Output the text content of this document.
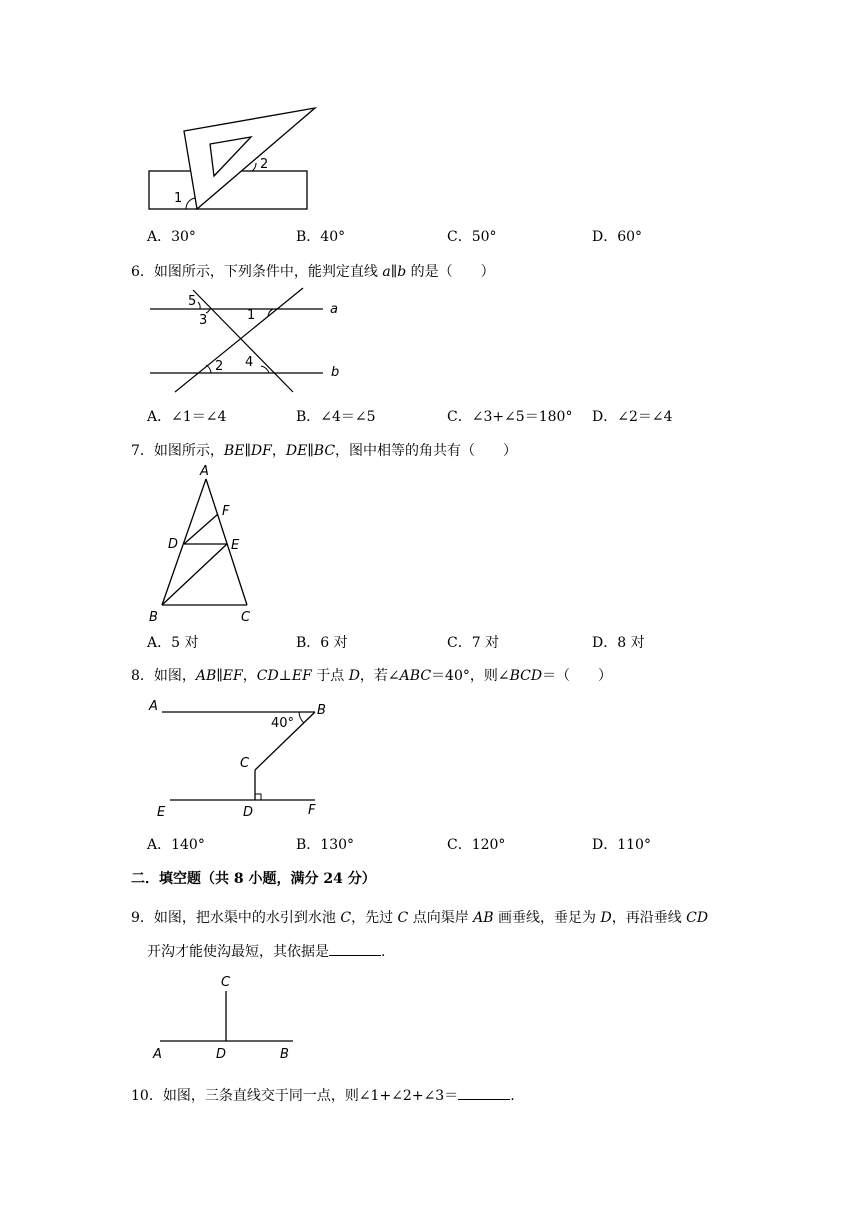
1
2
A．30°	B．40°	C．50°	D．60°
6．如图所示，下列条件中，能判定直线 a∥b 的是（　　）
5
3	1
2 4
a
b
A．∠1＝∠4	B．∠4＝∠5	C．∠3+∠5＝180° D．∠2＝∠4
7．如图所示，BE∥DF，DE∥BC，图中相等的角共有（　　）
A
F
D	E
B	C
A．5 对	B．6 对	C．7 对	D．8 对
8．如图，AB∥EF，CD⊥EF 于点 D，若∠ABC＝40°，则∠BCD＝（　　）
A	B
40°
C
E	D	F
A．140°	B．130°	C．120°	D．110°
二．填空题（共 8 小题，满分 24 分）
9．如图，把水渠中的水引到水池 C，先过 C 点向渠岸 AB 画垂线，垂足为 D，再沿垂线 CD
开沟才能使沟最短，其依据是	.
C
A	D	B
10．如图，三条直线交于同一点，则∠1+∠2+∠3＝	.
